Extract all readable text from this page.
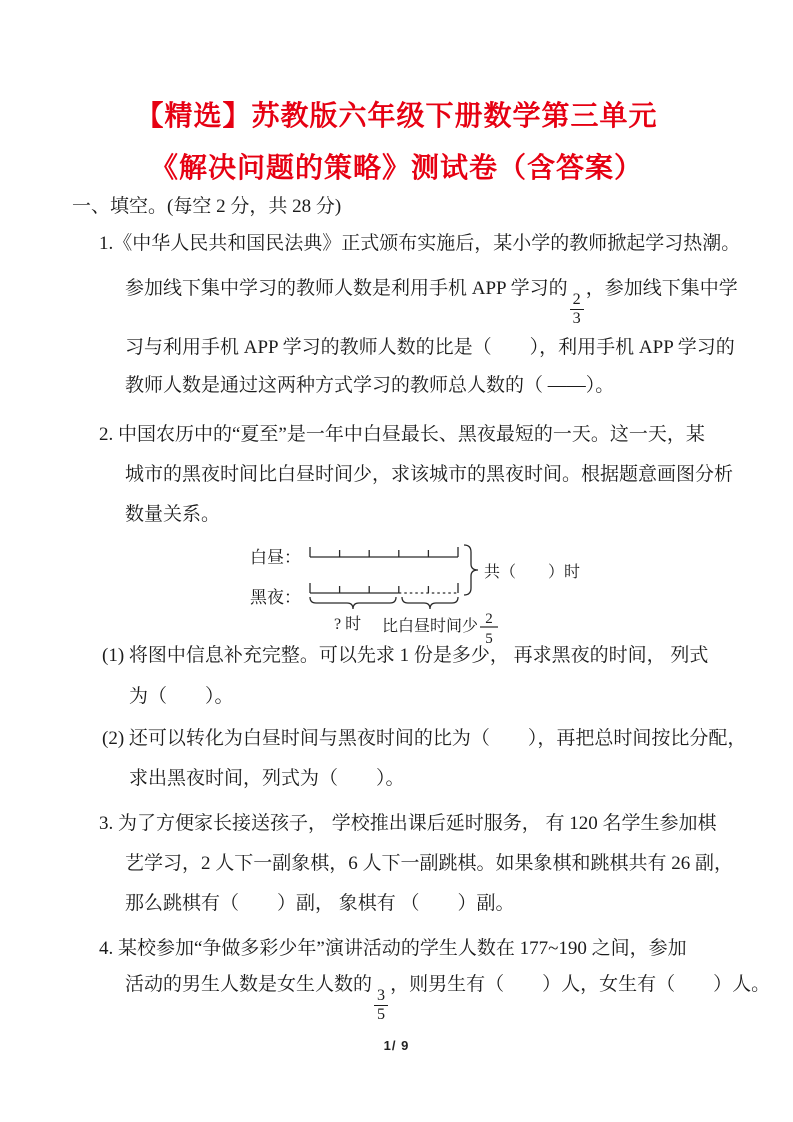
【精选】苏教版六年级下册数学第三单元
《解决问题的策略》测试卷（含答案）
一、填空。(每空 2 分，共 28 分)
1.《中华人民共和国民法典》正式颁布实施后，某小学的教师掀起学习热潮。
参加线下集中学习的教师人数是利用手机 APP 学习的
$\frac{2}{3}$
，参加线下集中学
习与利用手机 APP 学习的教师人数的比是（　　），利用手机 APP 学习的
教师人数是通过这两种方式学习的教师总人数的（ ——）。
2. 中国农历中的“夏至”是一年中白昼最长、黑夜最短的一天。这一天，某
城市的黑夜时间比白昼时间少，求该城市的黑夜时间。根据题意画图分析
数量关系。
白昼：
黑夜：
共（　　）时
? 时 比白昼时间少 2
5
(1) 将图中信息补充完整。可以先求 1 份是多少， 再求黑夜的时间， 列式
为（　　）。
(2) 还可以转化为白昼时间与黑夜时间的比为（　　），再把总时间按比分配，
求出黑夜时间，列式为（　　）。
3. 为了方便家长接送孩子， 学校推出课后延时服务， 有 120 名学生参加棋
艺学习，2 人下一副象棋，6 人下一副跳棋。如果象棋和跳棋共有 26 副，
那么跳棋有（　　）副， 象棋有 （　　）副。
4. 某校参加“争做多彩少年”演讲活动的学生人数在 177~190 之间，参加
活动的男生人数是女生人数的
$\frac{3}{5}$
，则男生有（　　）人，女生有（　　）人。
1/ 9
